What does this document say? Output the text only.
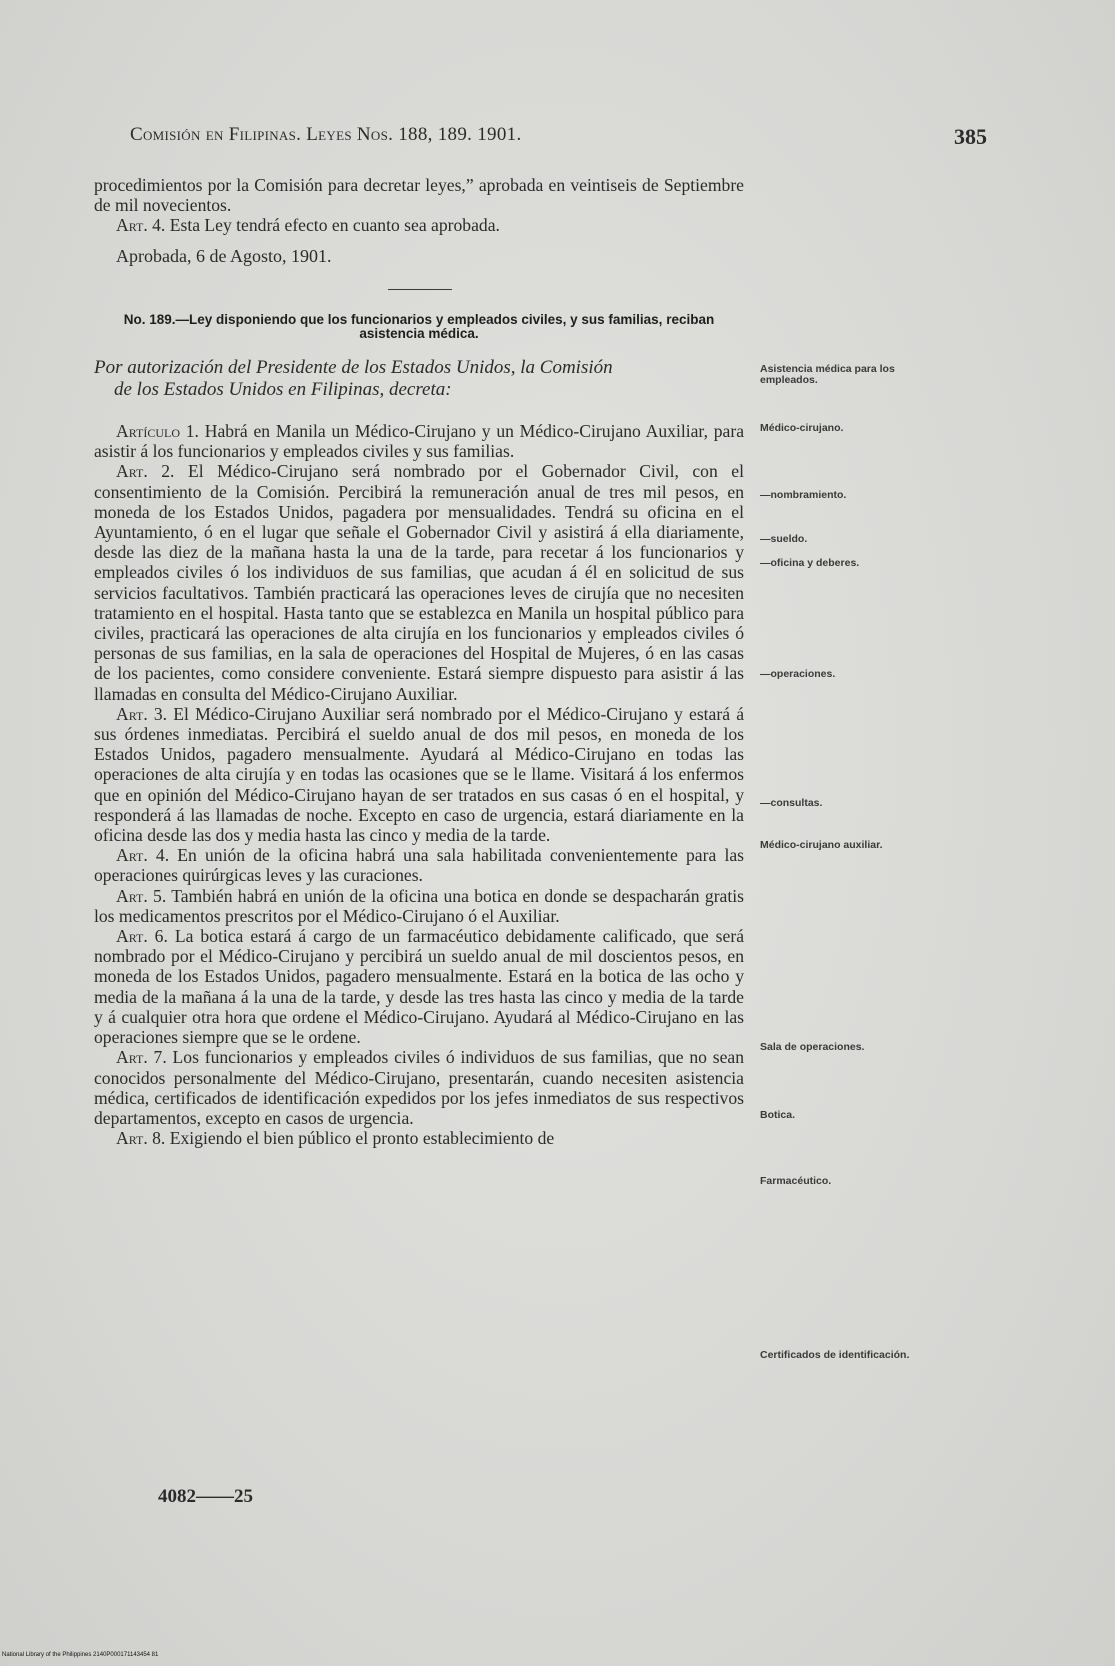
Comisión en Filipinas. Leyes Nos. 188, 189. 1901.	385

procedimientos por la Comisión para decretar leyes,” aprobada en veintiseis de Septiembre de mil novecientos.

Art. 4. Esta Ley tendrá efecto en cuanto sea aprobada.

Aprobada, 6 de Agosto, 1901.
No. 189.—Ley disponiendo que los funcionarios y empleados civiles, y sus familias, reciban asistencia médica.
Por autorización del Presidente de los Estados Unidos, la Comisión
de los Estados Unidos en Filipinas, decreta:

Artículo 1. Habrá en Manila un Médico-Cirujano y un Médico-Cirujano Auxiliar, para asistir á los funcionarios y empleados civiles y sus familias.

Art. 2. El Médico-Cirujano será nombrado por el Gobernador Civil, con el consentimiento de la Comisión. Percibirá la remuneración anual de tres mil pesos, en moneda de los Estados Unidos, pagadera por mensualidades. Tendrá su oficina en el Ayuntamiento, ó en el lugar que señale el Gobernador Civil y asistirá á ella diariamente, desde las diez de la mañana hasta la una de la tarde, para recetar á los funcionarios y empleados civiles ó los individuos de sus familias, que acudan á él en solicitud de sus servicios facultativos. También practicará las operaciones leves de cirujía que no necesiten tratamiento en el hospital. Hasta tanto que se establezca en Manila un hospital público para civiles, practicará las operaciones de alta cirujía en los funcionarios y empleados civiles ó personas de sus familias, en la sala de operaciones del Hospital de Mujeres, ó en las casas de los pacientes, como considere conveniente. Estará siempre dispuesto para asistir á las llamadas en consulta del Médico-Cirujano Auxiliar.

Art. 3. El Médico-Cirujano Auxiliar será nombrado por el Médico-Cirujano y estará á sus órdenes inmediatas. Percibirá el sueldo anual de dos mil pesos, en moneda de los Estados Unidos, pagadero mensualmente. Ayudará al Médico-Cirujano en todas las operaciones de alta cirujía y en todas las ocasiones que se le llame. Visitará á los enfermos que en opinión del Médico-Cirujano hayan de ser tratados en sus casas ó en el hospital, y responderá á las llamadas de noche. Excepto en caso de urgencia, estará diariamente en la oficina desde las dos y media hasta las cinco y media de la tarde.

Art. 4. En unión de la oficina habrá una sala habilitada convenientemente para las operaciones quirúrgicas leves y las curaciones.

Art. 5. También habrá en unión de la oficina una botica en donde se despacharán gratis los medicamentos prescritos por el Médico-Cirujano ó el Auxiliar.

Art. 6. La botica estará á cargo de un farmacéutico debidamente calificado, que será nombrado por el Médico-Cirujano y percibirá un sueldo anual de mil doscientos pesos, en moneda de los Estados Unidos, pagadero mensualmente. Estará en la botica de las ocho y media de la mañana á la una de la tarde, y desde las tres hasta las cinco y media de la tarde y á cualquier otra hora que ordene el Médico-Cirujano. Ayudará al Médico-Cirujano en las operaciones siempre que se le ordene.

Art. 7. Los funcionarios y empleados civiles ó individuos de sus familias, que no sean conocidos personalmente del Médico-Cirujano, presentarán, cuando necesiten asistencia médica, certificados de identificación expedidos por los jefes inmediatos de sus respectivos departamentos, excepto en casos de urgencia.

Art. 8. Exigiendo el bien público el pronto establecimiento de

Asistencia médica para los empleados.
Médico-cirujano.
—nombramiento.
—sueldo.
—oficina y deberes.
—operaciones.
—consultas.
Médico-cirujano auxiliar.
Sala de operaciones.
Botica.
Farmacéutico.
Certificados de identificación.
4082——25
National Library of the Philippines 2140P000171143454 81
